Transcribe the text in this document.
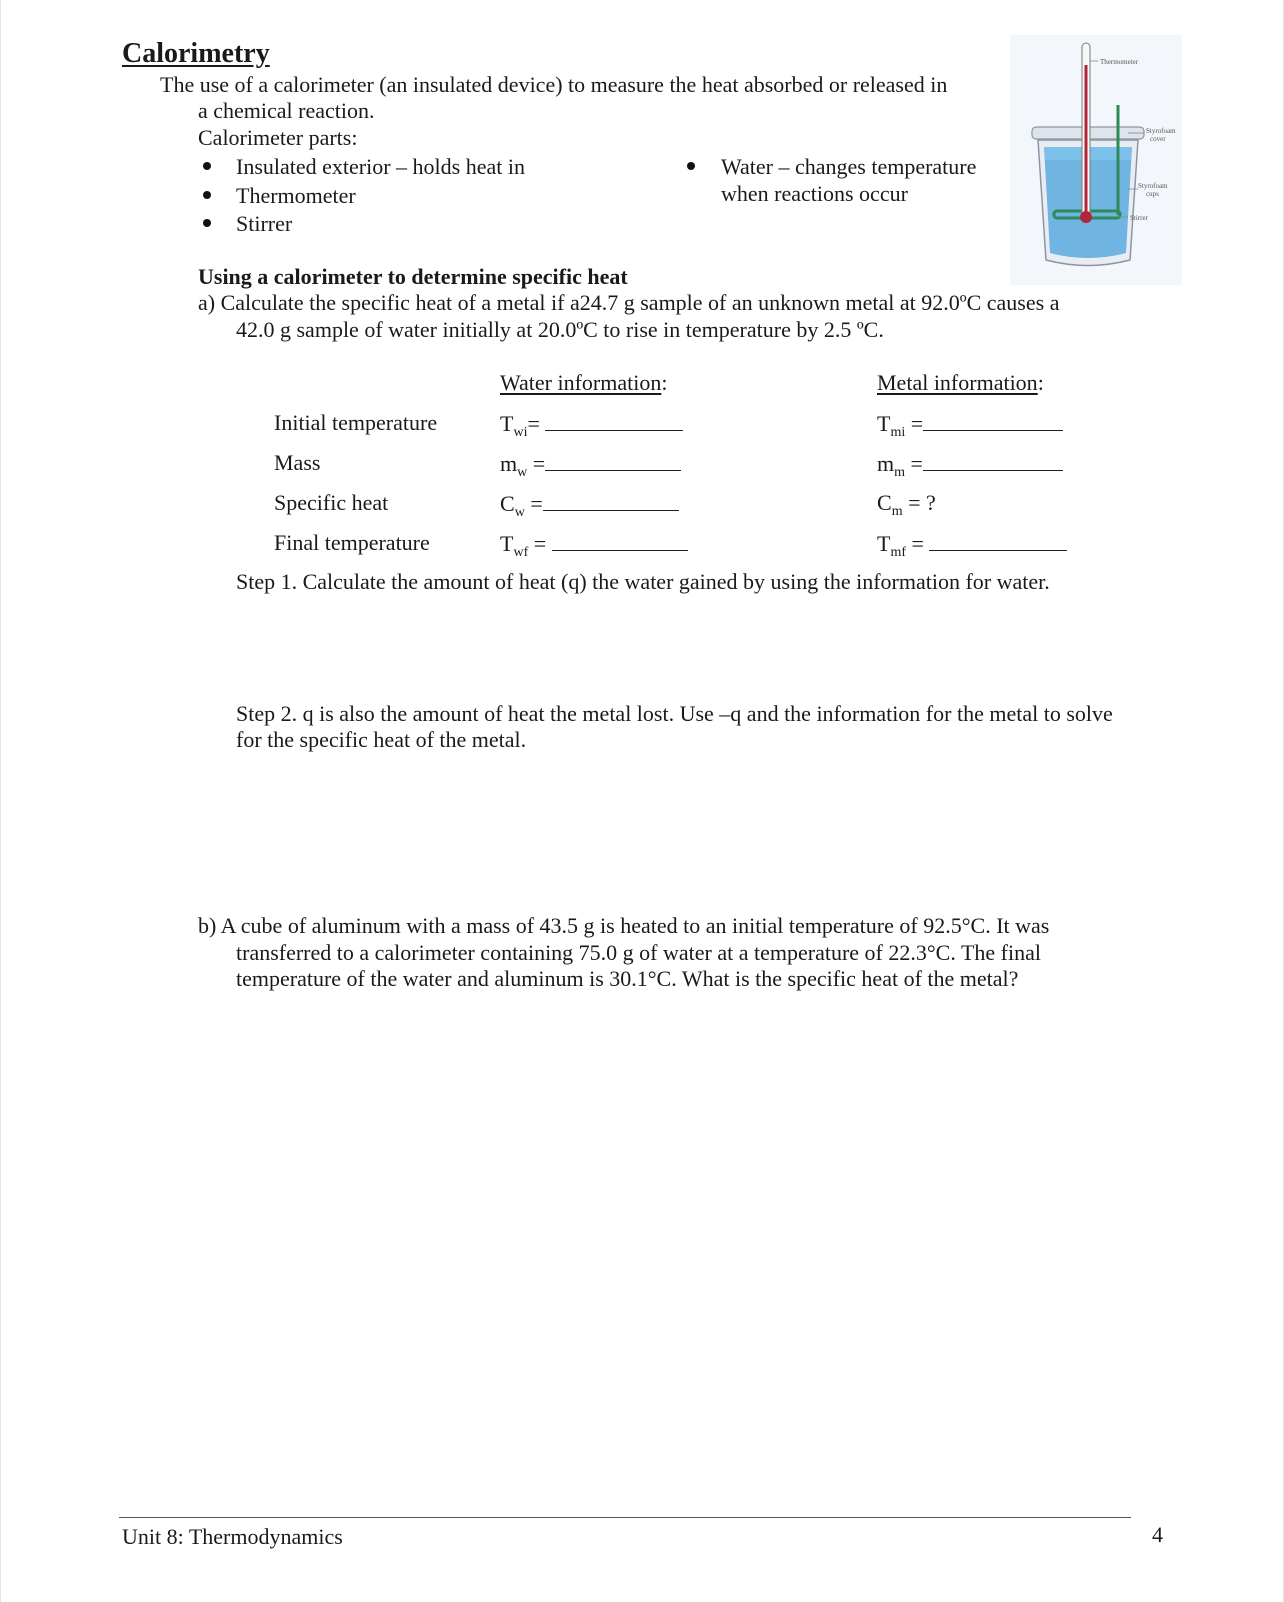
Calorimetry
The use of a calorimeter (an insulated device) to measure the heat absorbed or released in
a chemical reaction.
Calorimeter parts:
Insulated exterior – holds heat in
Thermometer
Stirrer
Water – changes temperature
when reactions occur
Thermometer
Styrofoam
cover
Styrofoam
cups
Stirrer
Using a calorimeter to determine specific heat
a) Calculate the specific heat of a metal if a24.7 g sample of an unknown metal at 92.0ºC causes a
42.0 g sample of water initially at 20.0ºC to rise in temperature by 2.5 ºC.
Water information:	Metal information:
Initial temperature	$T_{wi}=$	$T_{mi}$ =
Mass	$m_w$ =	$m_m$ =
Specific heat	$C_w$ =	$C_m$ = ?
Final temperature	$T_{wf}$ =	$T_{mf}$ =
Step 1. Calculate the amount of heat (q) the water gained by using the information for water.
Step 2. q is also the amount of heat the metal lost. Use –q and the information for the metal to solve
for the specific heat of the metal.
b) A cube of aluminum with a mass of 43.5 g is heated to an initial temperature of 92.5°C. It was
transferred to a calorimeter containing 75.0 g of water at a temperature of 22.3°C. The final
temperature of the water and aluminum is 30.1°C. What is the specific heat of the metal?
Unit 8: Thermodynamics	4
